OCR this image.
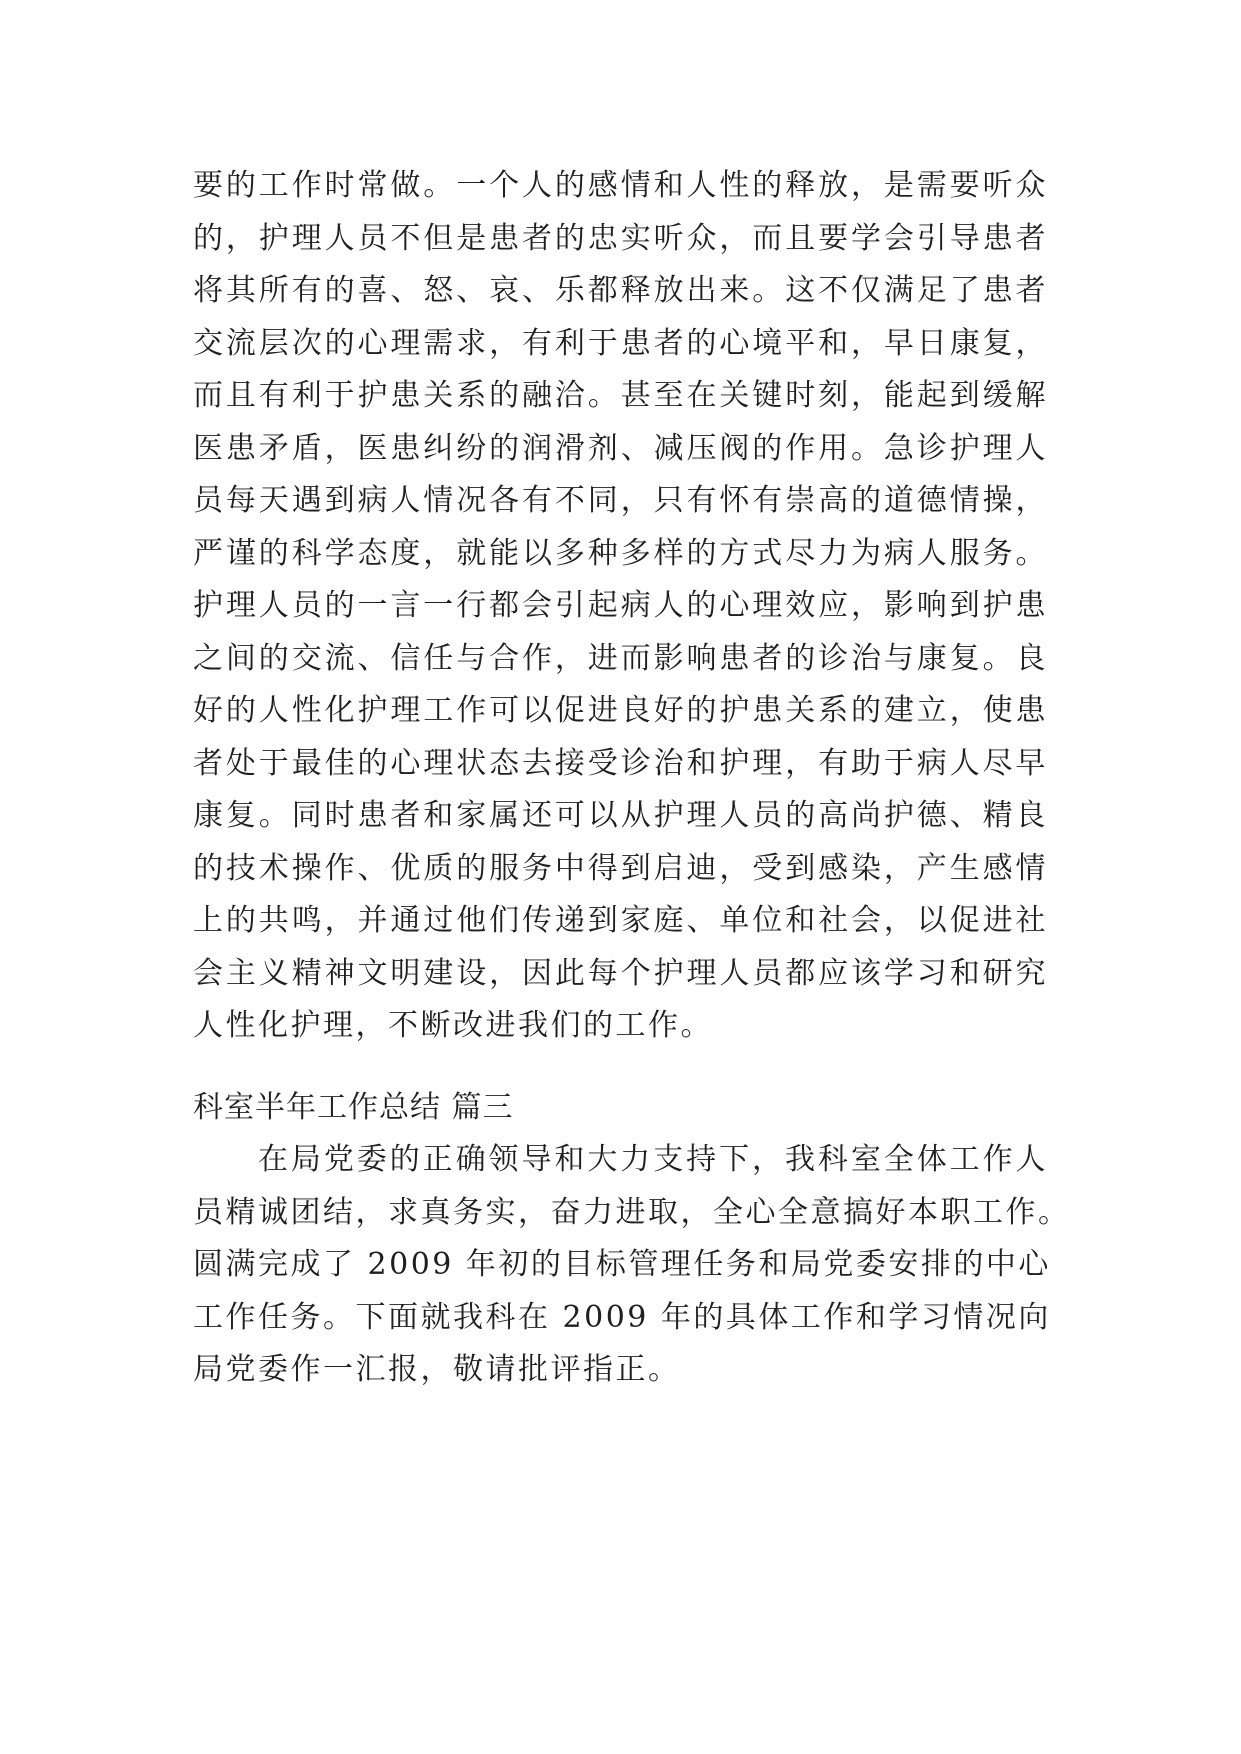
要的工作时常做。一个人的感情和人性的释放，是需要听众
的，护理人员不但是患者的忠实听众，而且要学会引导患者
将其所有的喜、怒、哀、乐都释放出来。这不仅满足了患者
交流层次的心理需求，有利于患者的心境平和，早日康复，
而且有利于护患关系的融洽。甚至在关键时刻，能起到缓解
医患矛盾，医患纠纷的润滑剂、减压阀的作用。急诊护理人
员每天遇到病人情况各有不同，只有怀有崇高的道德情操，
严谨的科学态度，就能以多种多样的方式尽力为病人服务。
护理人员的一言一行都会引起病人的心理效应，影响到护患
之间的交流、信任与合作，进而影响患者的诊治与康复。良
好的人性化护理工作可以促进良好的护患关系的建立，使患
者处于最佳的心理状态去接受诊治和护理，有助于病人尽早
康复。同时患者和家属还可以从护理人员的高尚护德、精良
的技术操作、优质的服务中得到启迪，受到感染，产生感情
上的共鸣，并通过他们传递到家庭、单位和社会，以促进社
会主义精神文明建设，因此每个护理人员都应该学习和研究
人性化护理，不断改进我们的工作。
科室半年工作总结 篇三
在局党委的正确领导和大力支持下，我科室全体工作人
员精诚团结，求真务实，奋力进取，全心全意搞好本职工作。
圆满完成了 2009 年初的目标管理任务和局党委安排的中心
工作任务。下面就我科在 2009 年的具体工作和学习情况向
局党委作一汇报，敬请批评指正。
